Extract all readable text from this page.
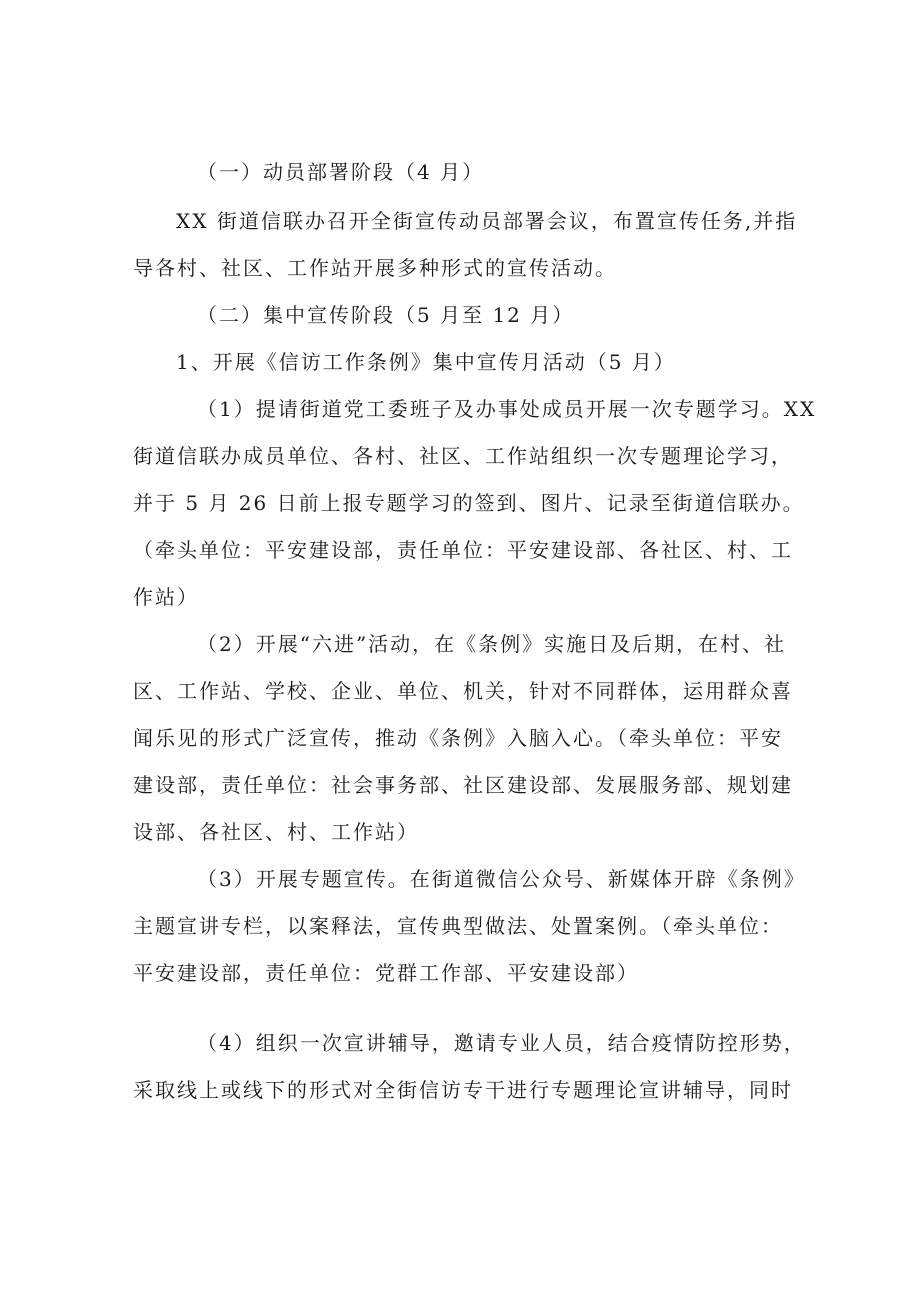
（一）动员部署阶段（4 月）
XX 街道信联办召开全街宣传动员部署会议，布置宣传任务,并指
导各村、社区、工作站开展多种形式的宣传活动。
（二）集中宣传阶段（5 月至 12 月）
1、开展《信访工作条例》集中宣传月活动（5 月）
（1）提请街道党工委班子及办事处成员开展一次专题学习。XX
街道信联办成员单位、各村、社区、工作站组织一次专题理论学习，
并于 5 月 26 日前上报专题学习的签到、图片、记录至街道信联办。
（牵头单位：平安建设部，责任单位：平安建设部、各社区、村、工
作站）
（2）开展“六进”活动，在《条例》实施日及后期，在村、社
区、工作站、学校、企业、单位、机关，针对不同群体，运用群众喜
闻乐见的形式广泛宣传，推动《条例》入脑入心。（牵头单位：平安
建设部，责任单位：社会事务部、社区建设部、发展服务部、规划建
设部、各社区、村、工作站）
（3）开展专题宣传。在街道微信公众号、新媒体开辟《条例》
主题宣讲专栏，以案释法，宣传典型做法、处置案例。（牵头单位：
平安建设部，责任单位：党群工作部、平安建设部）
（4）组织一次宣讲辅导，邀请专业人员，结合疫情防控形势，
采取线上或线下的形式对全街信访专干进行专题理论宣讲辅导，同时
